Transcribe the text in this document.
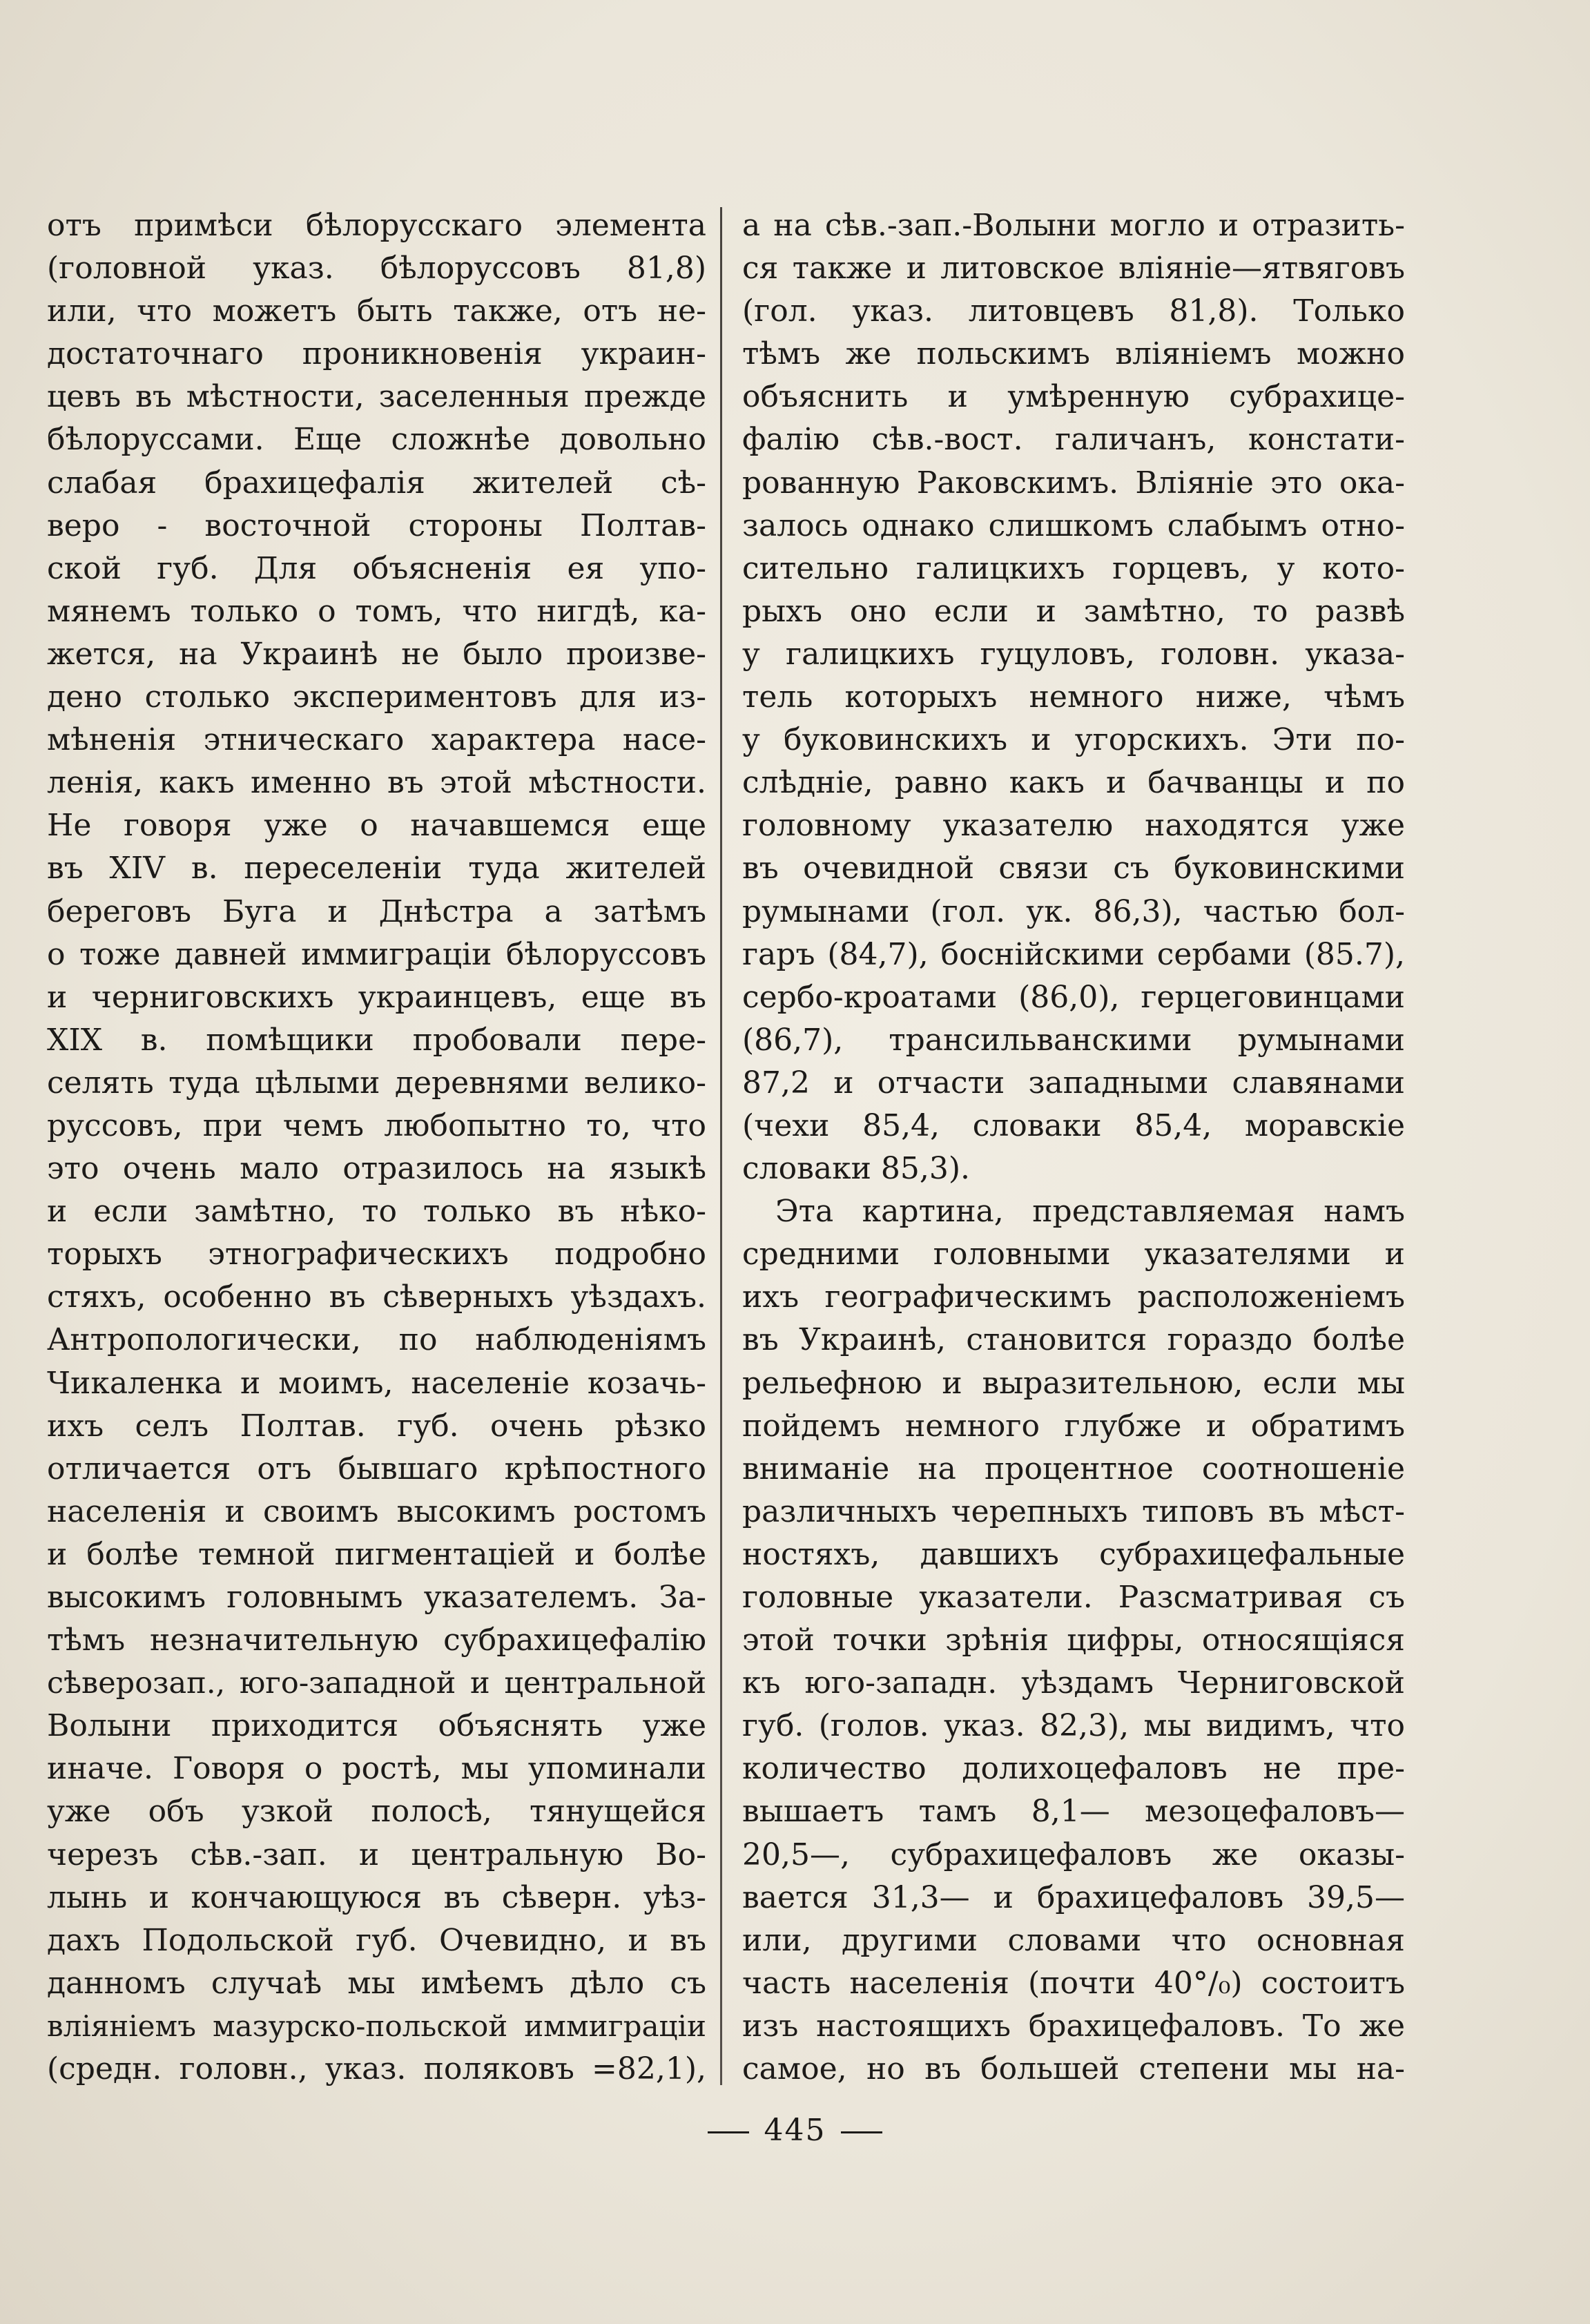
отъ примѣси бѣлорусскаго элемента
(головной указ. бѣлоруссовъ 81,8)
или, что можетъ быть также, отъ не-
достаточнаго проникновенія украин-
цевъ въ мѣстности, заселенныя прежде
бѣлоруссами. Еще сложнѣе довольно
слабая брахицефалія жителей сѣ-
веро - восточной стороны Полтав-
ской губ. Для объясненія ея упо-
мянемъ только о томъ, что нигдѣ, ка-
жется, на Украинѣ не было произве-
дено столько экспериментовъ для из-
мѣненія этническаго характера насе-
ленія, какъ именно въ этой мѣстности.
Не говоря уже о начавшемся еще
въ XIV в. переселеніи туда жителей
береговъ Буга и Днѣстра а затѣмъ
о тоже давней иммиграціи бѣлоруссовъ
и черниговскихъ украинцевъ, еще въ
XIX в. помѣщики пробовали пере-
селять туда цѣлыми деревнями велико-
руссовъ, при чемъ любопытно то, что
это очень мало отразилось на языкѣ
и если замѣтно, то только въ нѣко-
торыхъ этнографическихъ подробно
стяхъ, особенно въ сѣверныхъ уѣздахъ.
Антропологически, по наблюденіямъ
Чикаленка и моимъ, населеніе козачь-
ихъ селъ Полтав. губ. очень рѣзко
отличается отъ бывшаго крѣпостного
населенія и своимъ высокимъ ростомъ
и болѣе темной пигментаціей и болѣе
высокимъ головнымъ указателемъ. За-
тѣмъ незначительную субрахицефалію
сѣверозап., юго-западной и центральной
Волыни приходится объяснять уже
иначе. Говоря о ростѣ, мы упоминали
уже объ узкой полосѣ, тянущейся
черезъ сѣв.-зап. и центральную Во-
лынь и кончающуюся въ сѣверн. уѣз-
дахъ Подольской губ. Очевидно, и въ
данномъ случаѣ мы имѣемъ дѣло съ
вліяніемъ мазурско-польской иммиграціи
(средн. головн., указ. поляковъ =82,1),
а на сѣв.-зап.-Волыни могло и отразить-
ся также и литовское вліяніе—ятвяговъ
(гол. указ. литовцевъ 81,8). Только
тѣмъ же польскимъ вліяніемъ можно
объяснить и умѣренную субрахице-
фалію сѣв.-вост. галичанъ, констати-
рованную Раковскимъ. Вліяніе это ока-
залось однако слишкомъ слабымъ отно-
сительно галицкихъ горцевъ, у кото-
рыхъ оно если и замѣтно, то развѣ
у галицкихъ гуцуловъ, головн. указа-
тель которыхъ немного ниже, чѣмъ
у буковинскихъ и угорскихъ. Эти по-
слѣдніе, равно какъ и бачванцы и по
головному указателю находятся уже
въ очевидной связи съ буковинскими
румынами (гол. ук. 86,3), частью бол-
гаръ (84,7), боснійскими сербами (85.7),
сербо-кроатами (86,0), герцеговинцами
(86,7), трансильванскими румынами
87,2 и отчасти западными славянами
(чехи 85,4, словаки 85,4, моравскіе
словаки 85,3).
Эта картина, представляемая намъ
средними головными указателями и
ихъ географическимъ расположеніемъ
въ Украинѣ, становится гораздо болѣе
рельефною и выразительною, если мы
пойдемъ немного глубже и обратимъ
вниманіе на процентное соотношеніе
различныхъ черепныхъ типовъ въ мѣст-
ностяхъ, давшихъ субрахицефальные
головные указатели. Разсматривая съ
этой точки зрѣнія цифры, относящіяся
къ юго-западн. уѣздамъ Черниговской
губ. (голов. указ. 82,3), мы видимъ, что
количество долихоцефаловъ не пре-
вышаетъ тамъ 8,1— мезоцефаловъ—
20,5—, субрахицефаловъ же оказы-
вается 31,3— и брахицефаловъ 39,5—
или, другими словами что основная
часть населенія (почти 40°/₀) состоитъ
изъ настоящихъ брахицефаловъ. То же
самое, но въ большей степени мы на-
445
